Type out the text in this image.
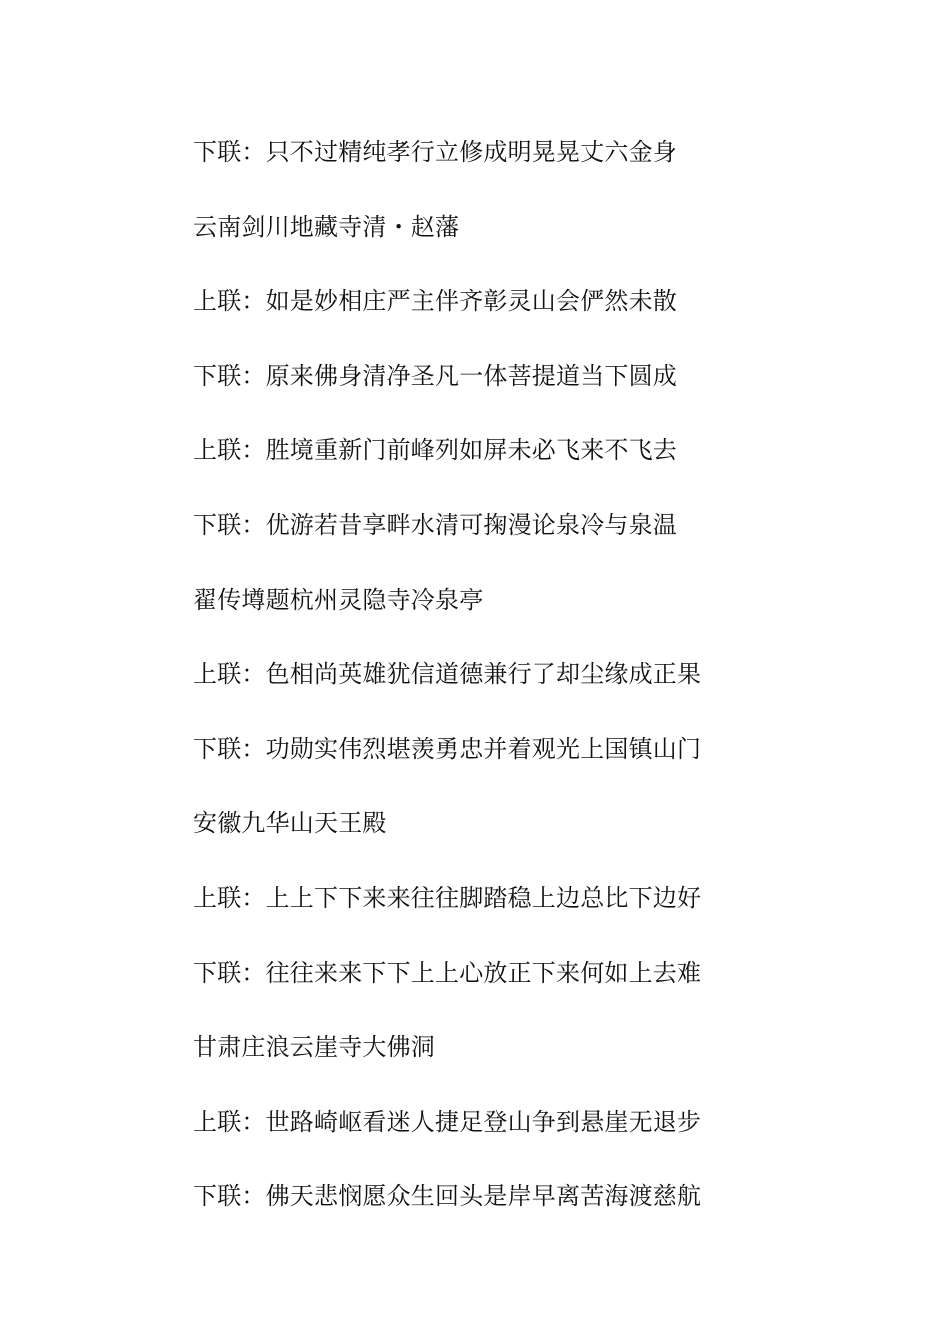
下联：只不过精纯孝行立修成明晃晃丈六金身
云南剑川地藏寺清・赵藩
上联：如是妙相庄严主伴齐彰灵山会俨然未散
下联：原来佛身清净圣凡一体菩提道当下圆成
上联：胜境重新门前峰列如屏未必飞来不飞去
下联：优游若昔享畔水清可掬漫论泉冷与泉温
翟传壿题杭州灵隐寺冷泉亭
上联：色相尚英雄犹信道德兼行了却尘缘成正果
下联：功勋实伟烈堪羡勇忠并着观光上国镇山门
安徽九华山天王殿
上联：上上下下来来往往脚踏稳上边总比下边好
下联：往往来来下下上上心放正下来何如上去难
甘肃庄浪云崖寺大佛洞
上联：世路崎岖看迷人捷足登山争到悬崖无退步
下联：佛天悲悯愿众生回头是岸早离苦海渡慈航
